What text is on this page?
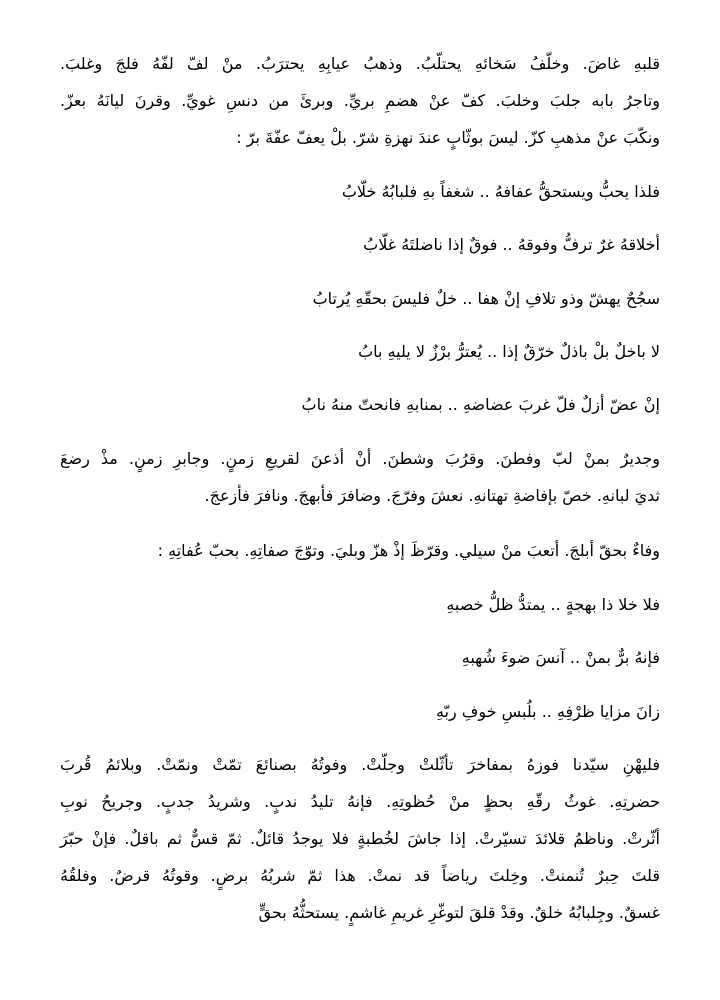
قلبهِ غاضَ. وخلّفُ سَخائهِ يحتلّبُ. وذهبُ عيابِهِ يحترَبُ. منْ لفّ لفّهُ فلجَ وغلبَ.
وتاجرُ بابه جلبَ وخلبَ. كفّ عنْ هضمِ بريِّ. وبرئَ من دنسِ غويِّ. وقرنَ ليانَهُ بعزّ.
ونكّبَ عنْ مذهبِ كزّ. ليسَ بوثّابٍ عندَ نهزةِ شرّ. بلْ يعفّ عفّةَ برّ :
فلذا يحبُّ ويستحقُّ عفافهُ .. شغفاً بهِ فلبابُهُ خلّابُ
أخلاقهُ غرٌ ترفُّ وفوقهُ .. فوقٌ إذا ناضلتَهُ غلّابُ
سجُحٌ يهشّ وذو تلافِ إنْ هفا .. خلٌ فليسَ بحقّهِ يُرتابُ
لا باخلٌ بلْ باذلٌ خرّقٌ إذا .. يُعترُّ برْزٌ لا يليهِ بابُ
إنْ عضّ أزلٌ فلّ غربَ عضاضهِ .. بمنابهِ فانحتّ منهُ نابُ
وجديرٌ بمنْ لبّ وفطنَ. وقرُبَ وشطنَ. أنْ أذعنَ لقريعِ زمنٍ. وجابرِ زمنٍ. مذْ رضعَ
ثديَ لبانهِ. خصّ بإفاضةِ تهتانهِ. نعشَ وفرّجَ. وضافرَ فأبهجَ. ونافرَ فأزعجَ.
وفاءٌ بحقّ أبلجَ. أتعبَ منْ سيلي. وقرّظَ إذْ هزّ وبليَ. وتوّجَ صفاتِهِ. بحبّ عُفاتِهِ :
فلا خلا ذا بهجةٍ .. يمتدُّ ظلُّ خصبهِ
فإنهُ برٌّ بمنْ .. آنسَ ضوءَ شُهبهِ
زانَ مزايا ظرْفِهِ .. بلُبسِ خوفِ ربّهِ
فليهْنِ سيّدنا فوزهُ بمفاخرَ تأثّلتْ وجلّتْ. وفوتُهُ بصنائعَ تمّتْ ونمّتْ. وبلائمُ قُربَ
حضرتِهِ. غوثُ رقّهِ بحظٍ منْ حُظوتِهِ. فإنهُ تليدُ ندبٍ. وشريدُ جدبٍ. وجريحُ نوبِ
أثّرتْ. وناظمُ قلائدَ تسيّرتْ. إذا جاشَ لخُطبةٍ فلا يوجدُ قائلٌ. ثمّ قسٌّ ثم باقلٌ. فإنْ حبّرَ
قلتَ حِبرٌ تُنمنتْ. وخِلتَ رياضاً قد نمتْ. هذا ثمّ شربُهُ برضٍ. وقوتُهُ قرضٌ. وفلقُهُ
غسقٌ. وجِلبابُهُ خلقٌ. وقدْ قلقَ لتوغّرِ غريمِ غاشمٍ. يستحثُّهُ بحقٍّ
